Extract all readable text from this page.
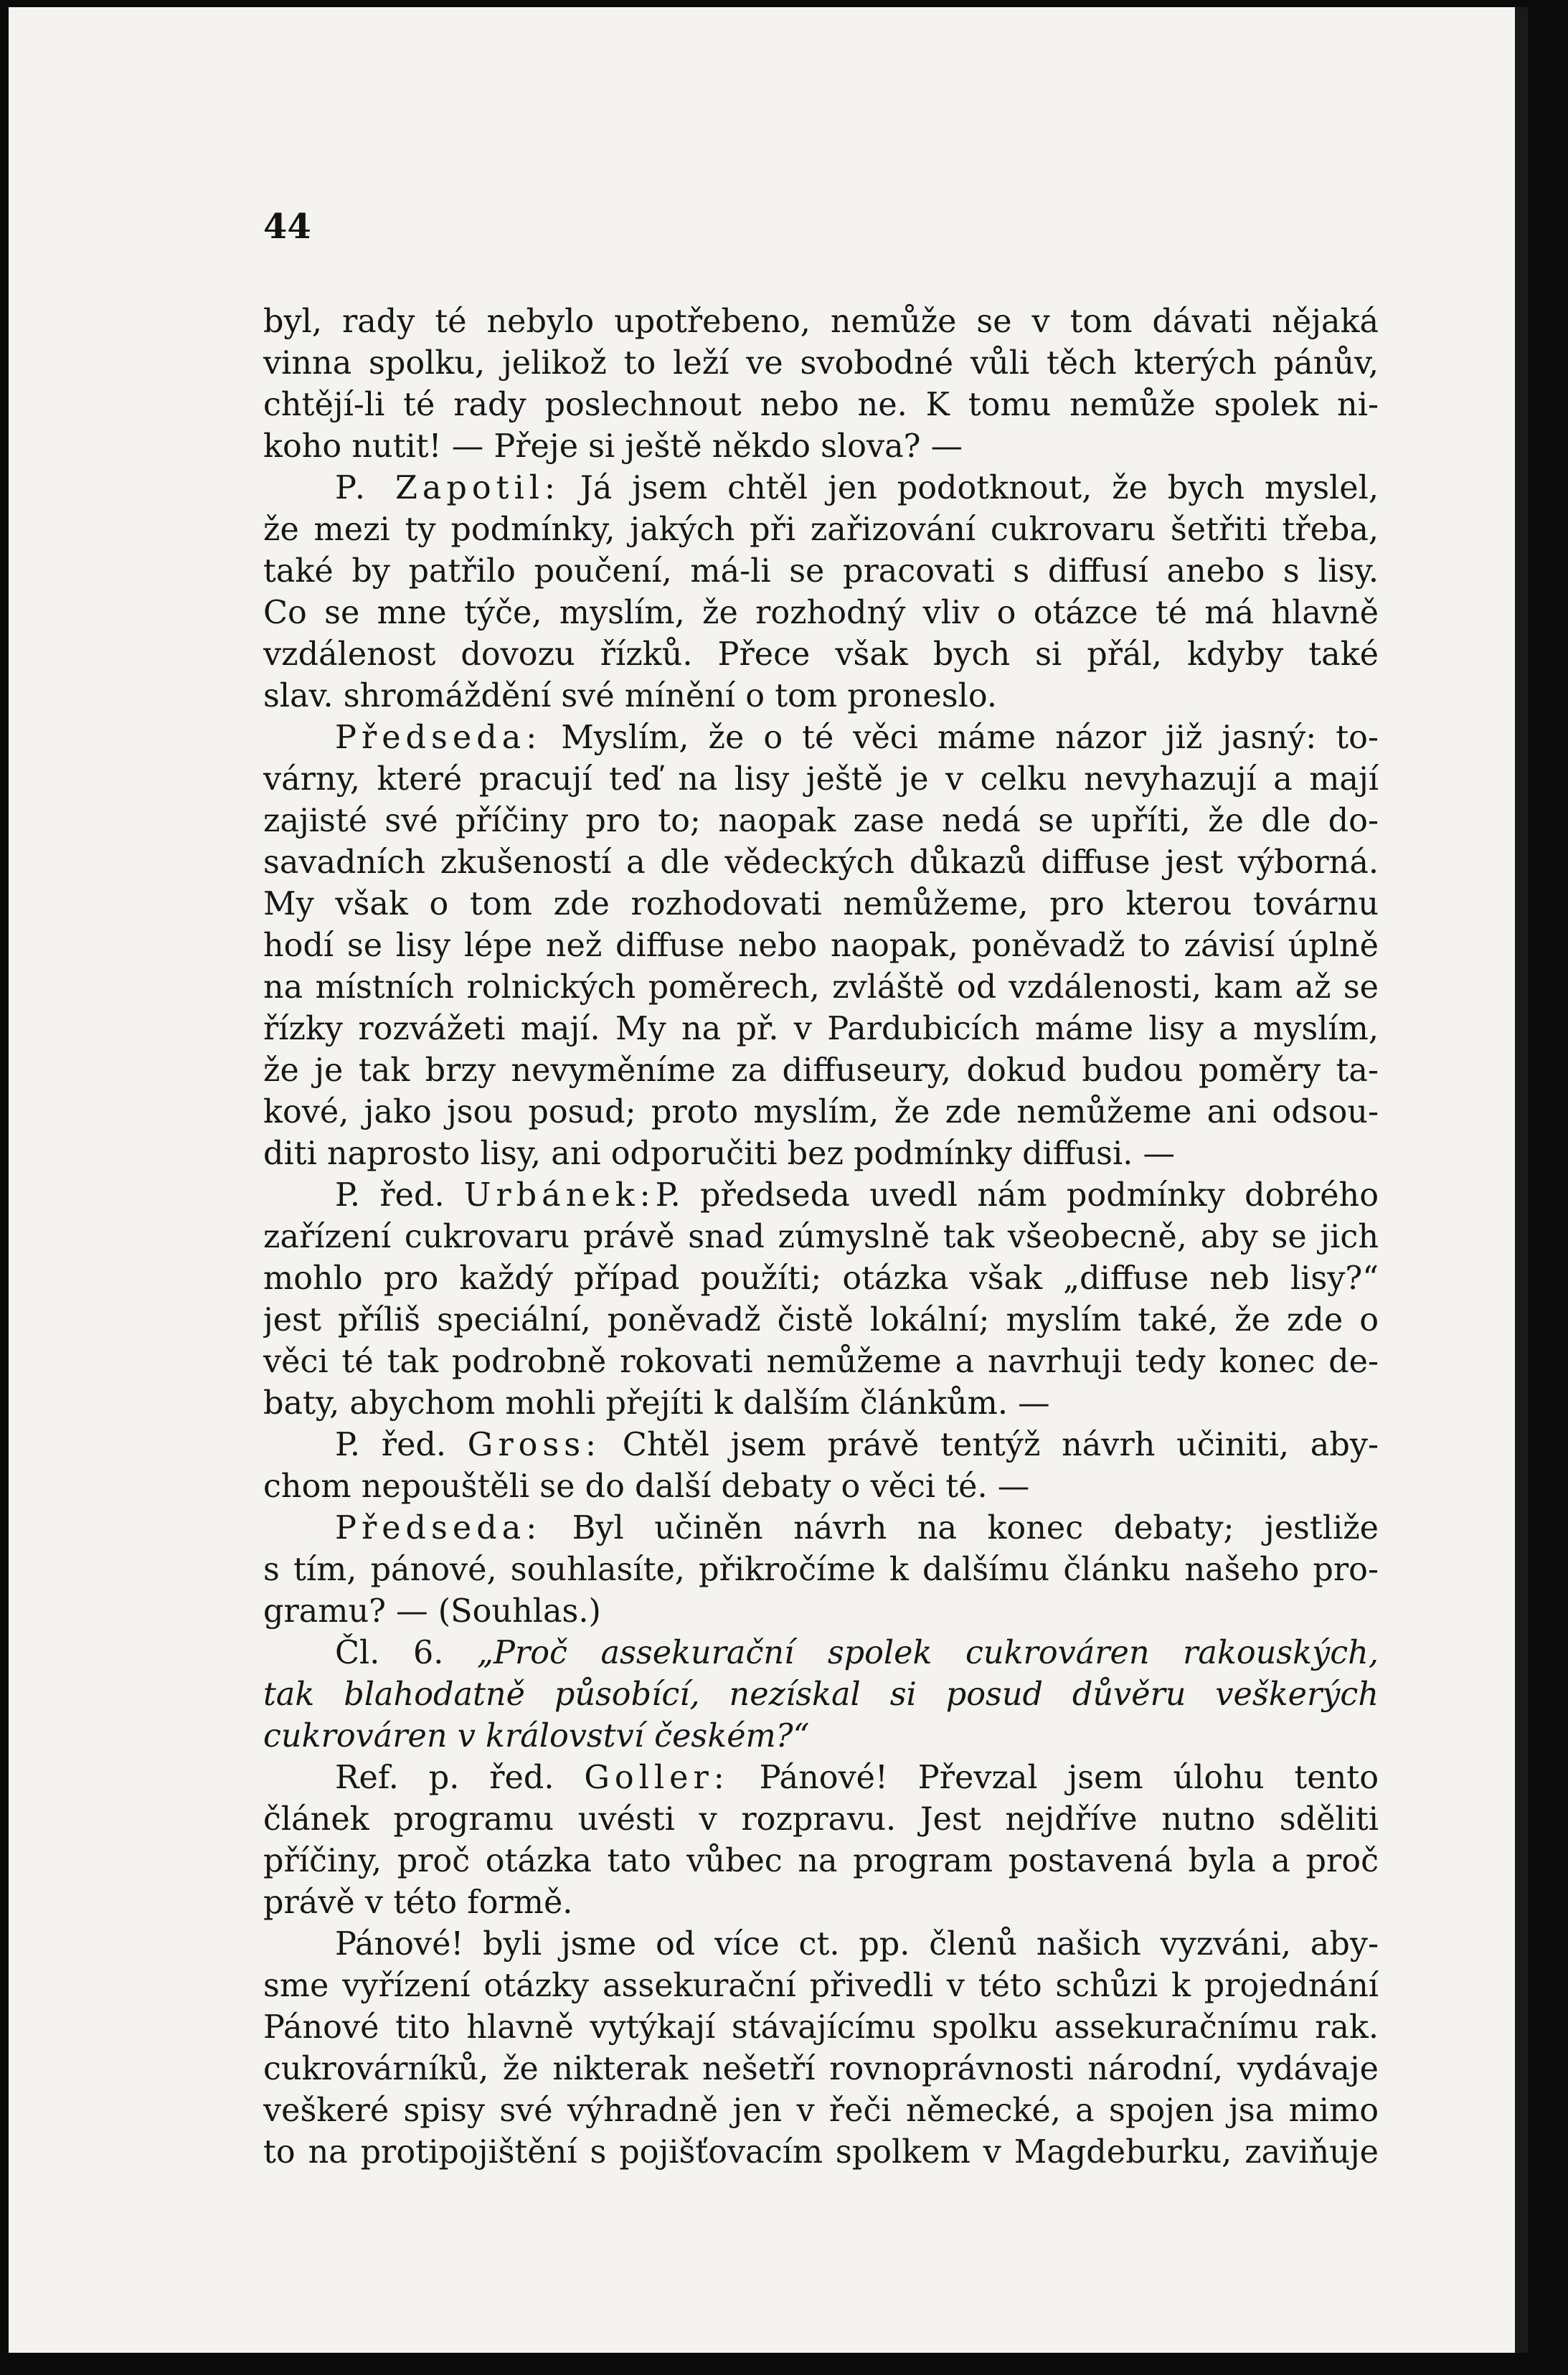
44
byl, rady té nebylo upotřebeno, nemůže se v tom dávati nějaká
vinna spolku, jelikož to leží ve svobodné vůli těch kterých pánův,
chtějí-li té rady poslechnout nebo ne. K tomu nemůže spolek ni-
koho nutit! — Přeje si ještě někdo slova? —
P. Zapotil: Já jsem chtěl jen podotknout, že bych myslel,
že mezi ty podmínky, jakých při zařizování cukrovaru šetřiti třeba,
také by patřilo poučení, má-li se pracovati s diffusí anebo s lisy.
Co se mne týče, myslím, že rozhodný vliv o otázce té má hlavně
vzdálenost dovozu řízků. Přece však bych si přál, kdyby také
slav. shromáždění své mínění o tom proneslo.
Předseda: Myslím, že o té věci máme názor již jasný: to-
várny, které pracují teď na lisy ještě je v celku nevyhazují a mají
zajisté své příčiny pro to; naopak zase nedá se upříti, že dle do-
savadních zkušeností a dle vědeckých důkazů diffuse jest výborná.
My však o tom zde rozhodovati nemůžeme, pro kterou továrnu
hodí se lisy lépe než diffuse nebo naopak, poněvadž to závisí úplně
na místních rolnických poměrech, zvláště od vzdálenosti, kam až se
řízky rozvážeti mají. My na př. v Pardubicích máme lisy a myslím,
že je tak brzy nevyměníme za diffuseury, dokud budou poměry ta-
kové, jako jsou posud; proto myslím, že zde nemůžeme ani odsou-
diti naprosto lisy, ani odporučiti bez podmínky diffusi. —
P. řed. Urbánek:P. předseda uvedl nám podmínky dobrého
zařízení cukrovaru právě snad zúmyslně tak všeobecně, aby se jich
mohlo pro každý případ použíti; otázka však „diffuse neb lisy?“
jest příliš speciální, poněvadž čistě lokální; myslím také, že zde o
věci té tak podrobně rokovati nemůžeme a navrhuji tedy konec de-
baty, abychom mohli přejíti k dalším článkům. —
P. řed. Gross: Chtěl jsem právě tentýž návrh učiniti, aby-
chom nepouštěli se do další debaty o věci té. —
Předseda: Byl učiněn návrh na konec debaty; jestliže
s tím, pánové, souhlasíte, přikročíme k dalšímu článku našeho pro-
gramu? — (Souhlas.)
Čl. 6. „Proč assekurační spolek cukrováren rakouských,
tak blahodatně působící, nezískal si posud důvěru veškerých
cukrováren v království českém?“
Ref. p. řed. Goller: Pánové! Převzal jsem úlohu tento
článek programu uvésti v rozpravu. Jest nejdříve nutno sděliti
příčiny, proč otázka tato vůbec na program postavená byla a proč
právě v této formě.
Pánové! byli jsme od více ct. pp. členů našich vyzváni, aby-
sme vyřízení otázky assekurační přivedli v této schůzi k projednání
Pánové tito hlavně vytýkají stávajícímu spolku assekuračnímu rak.
cukrovárníků, že nikterak nešetří rovnoprávnosti národní, vydávaje
veškeré spisy své výhradně jen v řeči německé, a spojen jsa mimo
to na protipojištění s pojišťovacím spolkem v Magdeburku, zaviňuje
